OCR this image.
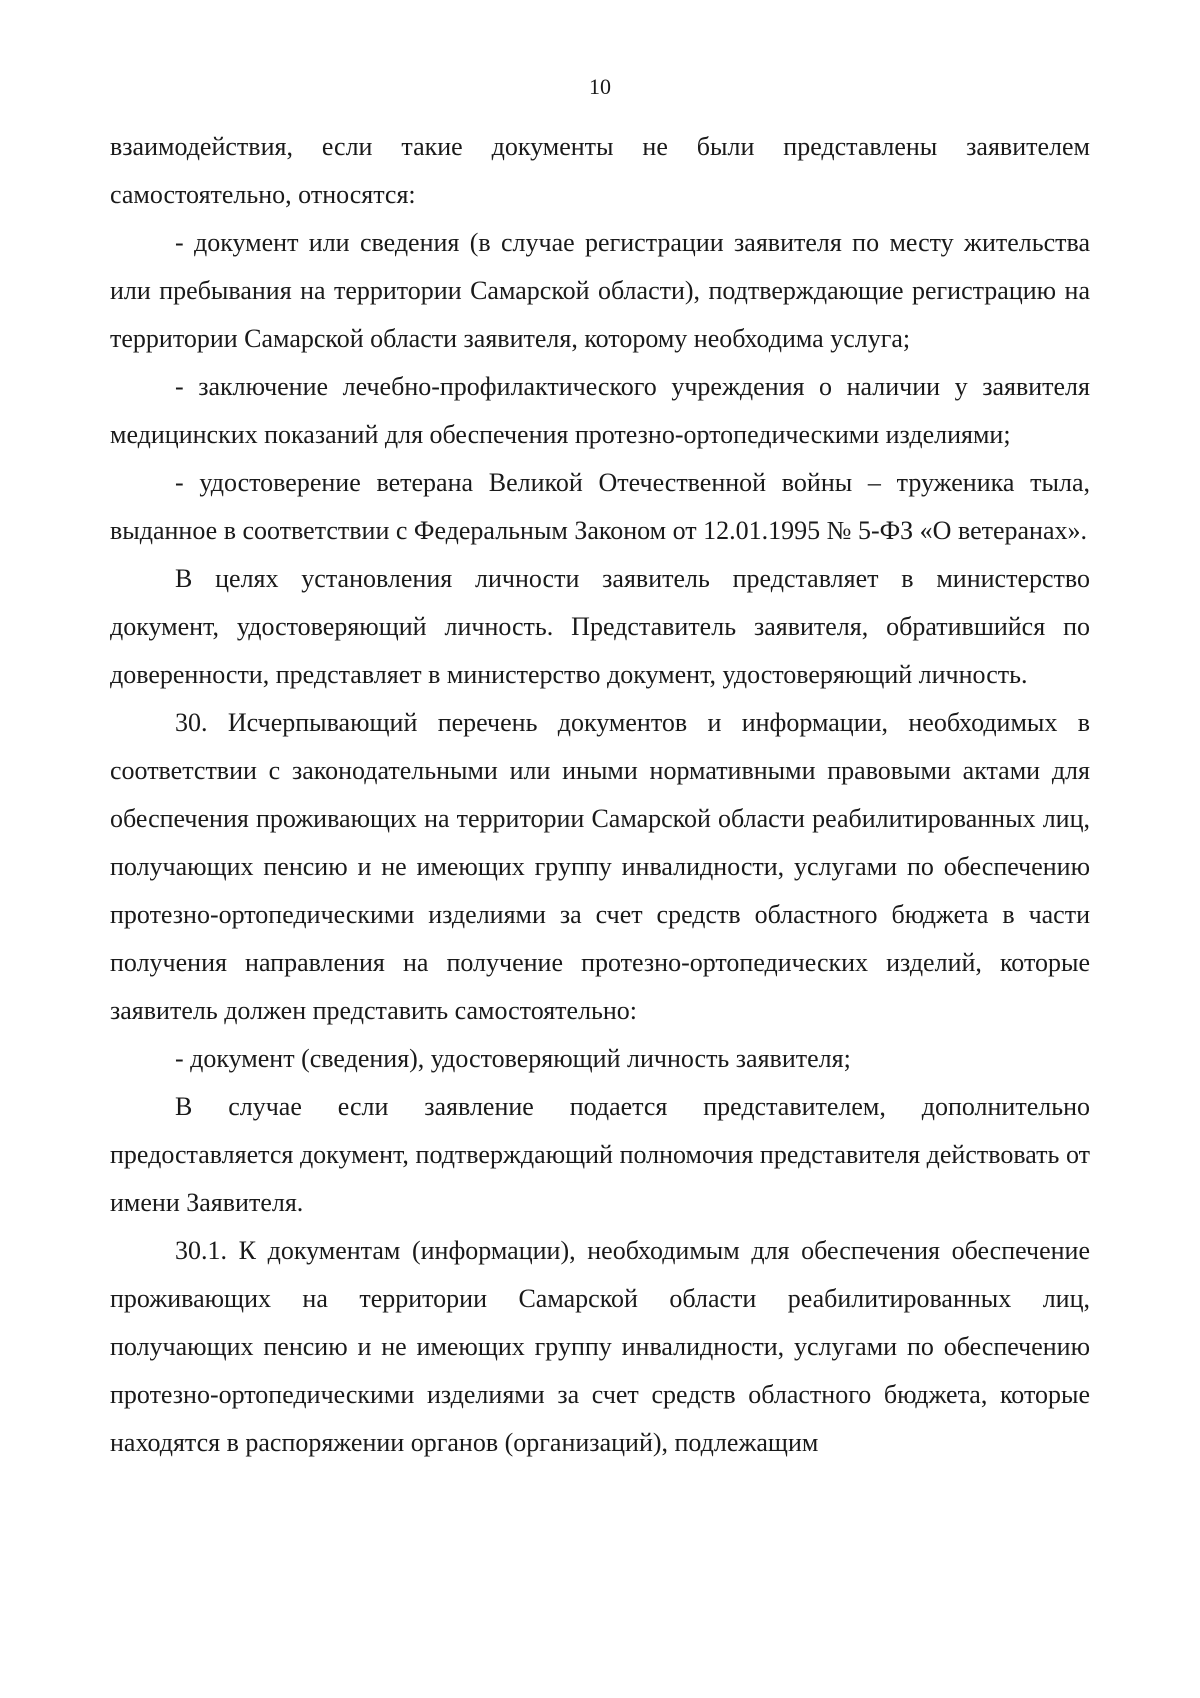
10

взаимодействия, если такие документы не были представлены заявителем самостоятельно, относятся:

- документ или сведения (в случае регистрации заявителя по месту жительства или пребывания на территории Самарской области), подтверждающие регистрацию на территории Самарской области заявителя, которому необходима услуга;

- заключение лечебно-профилактического учреждения о наличии у заявителя медицинских показаний для обеспечения протезно-ортопедическими изделиями;

- удостоверение ветерана Великой Отечественной войны – труженика тыла, выданное в соответствии с Федеральным Законом от 12.01.1995 № 5-ФЗ «О ветеранах».

В целях установления личности заявитель представляет в министерство документ, удостоверяющий личность. Представитель заявителя, обратившийся по доверенности, представляет в министерство документ, удостоверяющий личность.

30. Исчерпывающий перечень документов и информации, необходимых в соответствии с законодательными или иными нормативными правовыми актами для обеспечения проживающих на территории Самарской области реабилитированных лиц, получающих пенсию и не имеющих группу инвалидности, услугами по обеспечению протезно-ортопедическими изделиями за счет средств областного бюджета в части получения направления на получение протезно-ортопедических изделий, которые заявитель должен представить самостоятельно:

- документ (сведения), удостоверяющий личность заявителя;

В случае если заявление подается представителем, дополнительно предоставляется документ, подтверждающий полномочия представителя действовать от имени Заявителя.

30.1. К документам (информации), необходимым для обеспечения обеспечение проживающих на территории Самарской области реабилитированных лиц, получающих пенсию и не имеющих группу инвалидности, услугами по обеспечению протезно-ортопедическими изделиями за счет средств областного бюджета, которые находятся в распоряжении органов (организаций), подлежащим
